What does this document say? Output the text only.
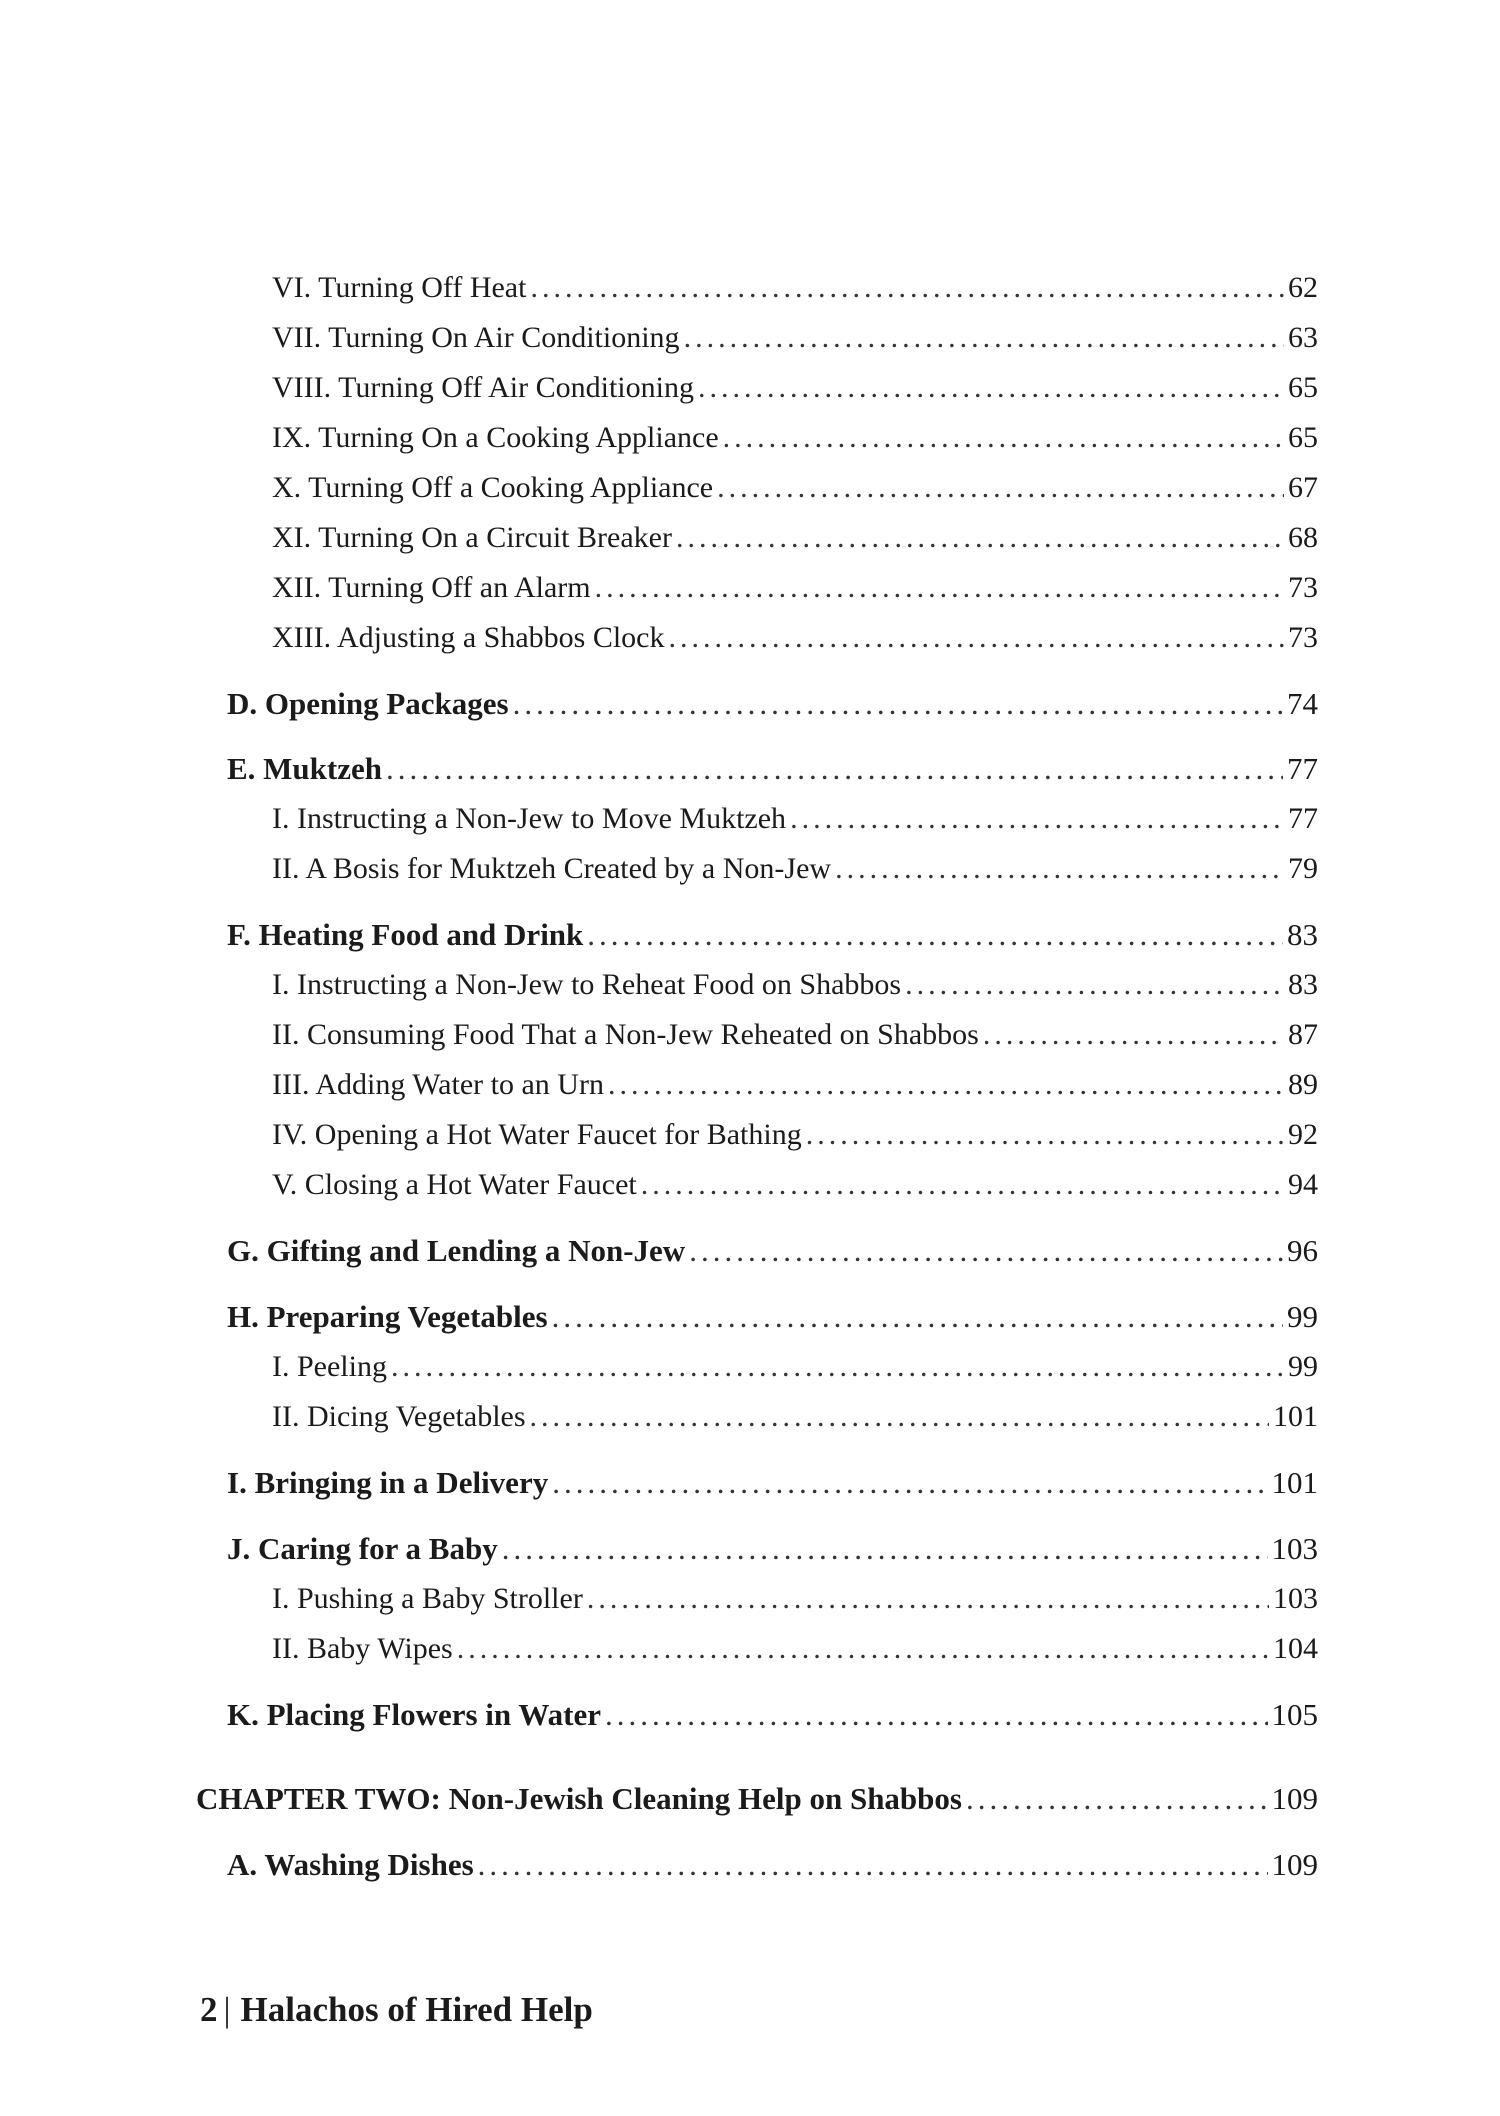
VI. Turning Off Heat .....	62
VII. Turning On Air Conditioning .....	63
VIII. Turning Off Air Conditioning .....	65
IX. Turning On a Cooking Appliance .....	65
X. Turning Off a Cooking Appliance .....	67
XI. Turning On a Circuit Breaker .....	68
XII. Turning Off an Alarm .....	73
XIII. Adjusting a Shabbos Clock .....	73
D. Opening Packages .....	74
E. Muktzeh .....	77
I. Instructing a Non-Jew to Move Muktzeh .....	77
II. A Bosis for Muktzeh Created by a Non-Jew .....	79
F. Heating Food and Drink .....	83
I. Instructing a Non-Jew to Reheat Food on Shabbos .....	83
II. Consuming Food That a Non-Jew Reheated on Shabbos .....	87
III. Adding Water to an Urn .....	89
IV. Opening a Hot Water Faucet for Bathing .....	92
V. Closing a Hot Water Faucet .....	94
G. Gifting and Lending a Non-Jew .....	96
H. Preparing Vegetables .....	99
I. Peeling .....	99
II. Dicing Vegetables .....	101
I. Bringing in a Delivery .....	101
J. Caring for a Baby .....	103
I. Pushing a Baby Stroller .....	103
II. Baby Wipes .....	104
K. Placing Flowers in Water .....	105
CHAPTER TWO: Non-Jewish Cleaning Help on Shabbos .....	109
A. Washing Dishes .....	109
2 | Halachos of Hired Help
